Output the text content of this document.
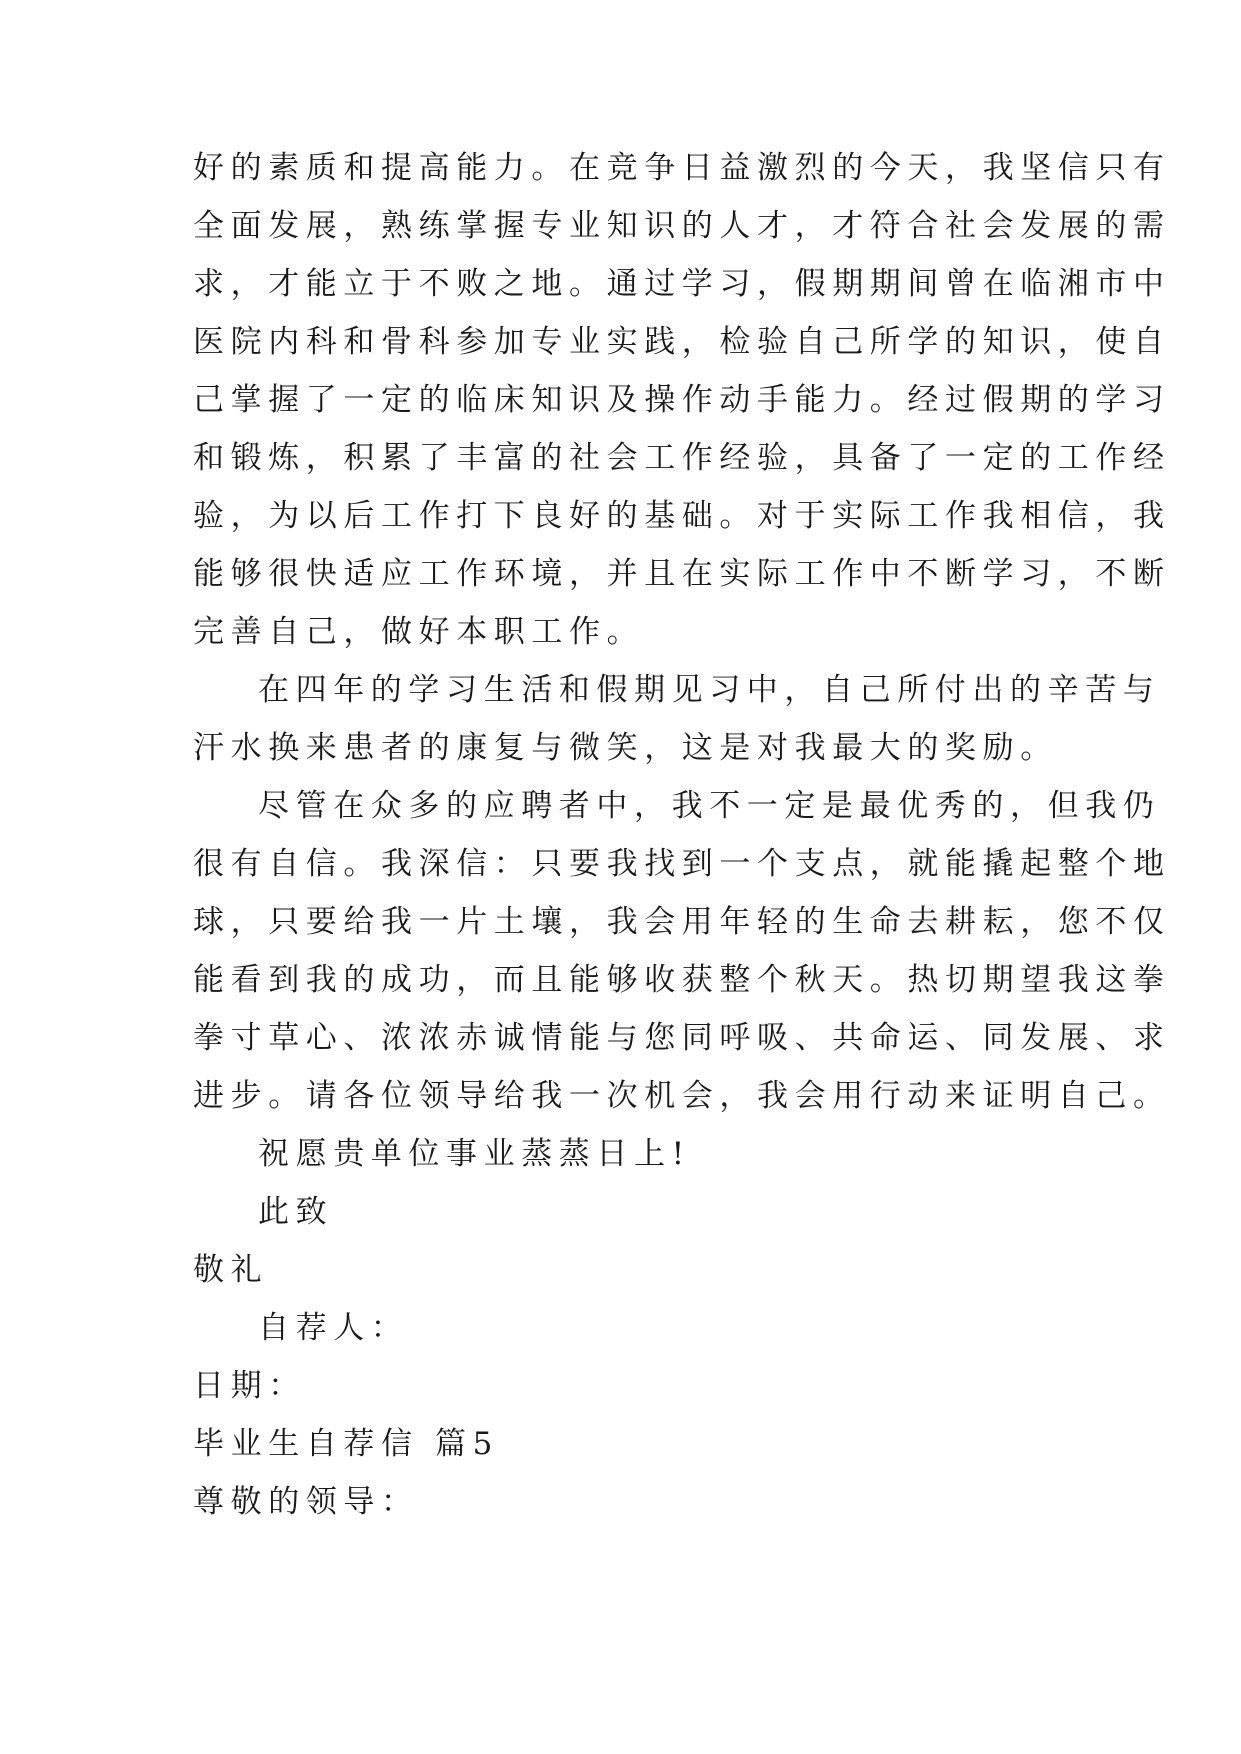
好的素质和提高能力。在竞争日益激烈的今天，我坚信只有
全面发展，熟练掌握专业知识的人才，才符合社会发展的需
求，才能立于不败之地。通过学习，假期期间曾在临湘市中
医院内科和骨科参加专业实践，检验自己所学的知识，使自
己掌握了一定的临床知识及操作动手能力。经过假期的学习
和锻炼，积累了丰富的社会工作经验，具备了一定的工作经
验，为以后工作打下良好的基础。对于实际工作我相信，我
能够很快适应工作环境，并且在实际工作中不断学习，不断
完善自己，做好本职工作。
在四年的学习生活和假期见习中，自己所付出的辛苦与
汗水换来患者的康复与微笑，这是对我最大的奖励。
尽管在众多的应聘者中，我不一定是最优秀的，但我仍
很有自信。我深信：只要我找到一个支点，就能撬起整个地
球，只要给我一片土壤，我会用年轻的生命去耕耘，您不仅
能看到我的成功，而且能够收获整个秋天。热切期望我这拳
拳寸草心、浓浓赤诚情能与您同呼吸、共命运、同发展、求
进步。请各位领导给我一次机会，我会用行动来证明自己。
祝愿贵单位事业蒸蒸日上!
此致
敬礼
自荐人：
日期：
毕业生自荐信 篇5
尊敬的领导：
